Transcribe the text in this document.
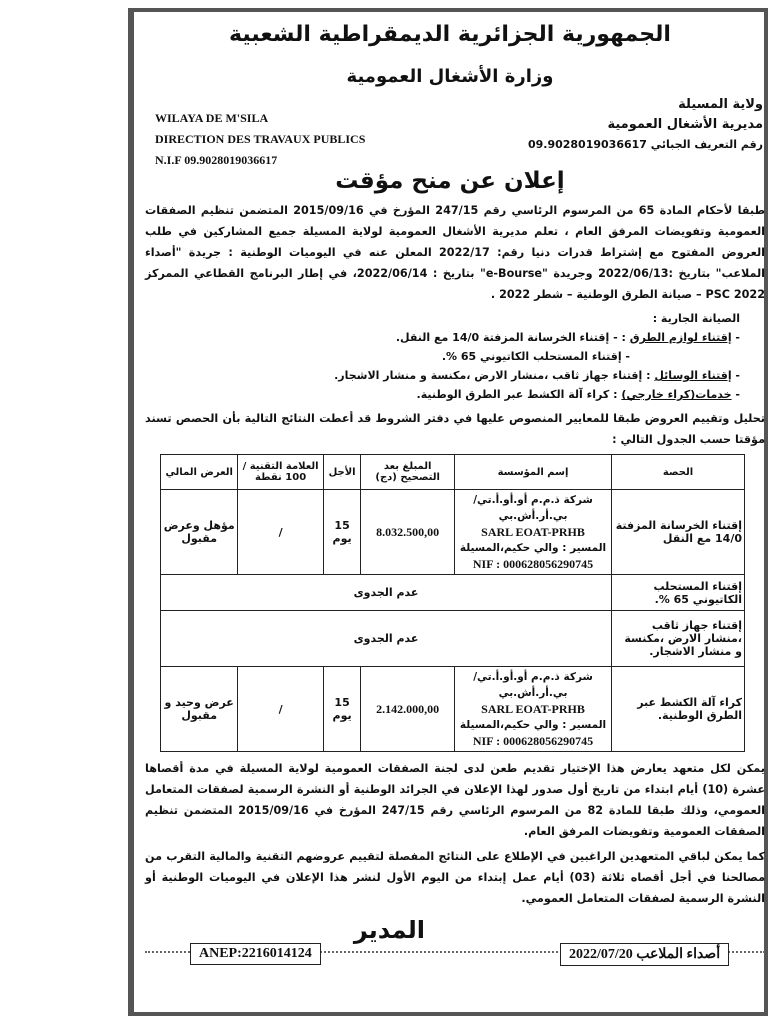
الجمهورية الجزائرية الديمقراطية الشعبية
وزارة الأشغال العمومية
WILAYA DE M'SILA
DIRECTION DES TRAVAUX PUBLICS
N.I.F 09.9028019036617
ولاية المسيلة
مديرية الأشغال العمومية
رقم التعريف الجبائي 09.9028019036617
إعلان عن منح مؤقت
طبقا لأحكام المادة 65 من المرسوم الرئاسي رقم 247/15 المؤرخ في 2015/09/16 المتضمن تنظيم الصفقات العمومية وتفويضات المرفق العام ، تعلم مديرية الأشغال العمومية لولاية المسيلة جميع المشاركين في طلب العروض المفتوح مع إشتراط قدرات دنيا رقم: 2022/17 المعلن عنه في اليوميات الوطنية : جريدة "أصداء الملاعب" بتاريخ :2022/06/13 وجريدة "e-Bourse" بتاريخ : 2022/06/14، في إطار البرنامج القطاعي الممركز PSC 2022 – صيانة الطرق الوطنية – شطر 2022 .
الصيانة الجارية :
- إقتناء لوازم الطرق : - إقتناء الخرسانة المزفتة 14/0 مع النقل.
- إقتناء المستحلب الكاتيوني 65 %.
- إقتناء الوسائل : إقتناء جهاز ثاقب ،منشار الارض ،مكنسة و منشار الاشجار.
- خدمات(كراء خارجي) : كراء آلة الكشط عبر الطرق الوطنية.
تحليل وتقييم العروض طبقا للمعايير المنصوص عليها في دفتر الشروط قد أعطت النتائج التالية بأن الحصص تسند مؤقتا حسب الجدول التالي :
الحصة	إسم المؤسسة	المبلغ بعد التصحيح (دج)	الأجل	العلامة التقنية / 100 نقطة	العرض المالي
إقتناء الخرسانة المزفتة 14/0 مع النقل	شركة ذ.م.م أو.أو.أ.تي/بي.أر.أش.بي
SARL EOAT-PRHB
المسير : والي حكيم،المسيلة
NIF : 000628056290745	8.032.500,00	15 يوم	/	مؤهل وعرض مقبول
إقتناء المستحلب الكاتيوني 65 %.	عدم الجدوى				
إقتناء جهاز ثاقب ،منشار الارض ،مكنسة و منشار الاشجار.	عدم الجدوى				
كراء آلة الكشط عبر الطرق الوطنية.	شركة ذ.م.م أو.أو.أ.تي/بي.أر.أش.بي
SARL EOAT-PRHB
المسير : والي حكيم،المسيلة
NIF : 000628056290745	2.142.000,00	15 يوم	/	عرض وحيد و مقبول
يمكن لكل متعهد يعارض هذا الإختيار تقديم طعن لدى لجنة الصفقات العمومية لولاية المسيلة في مدة أقصاها عشرة (10) أيام ابتداء من تاريخ أول صدور لهذا الإعلان في الجرائد الوطنية أو النشرة الرسمية لصفقات المتعامل العمومي، وذلك طبقا للمادة 82 من المرسوم الرئاسي رقم 247/15 المؤرخ في 2015/09/16 المتضمن تنظيم الصفقات العمومية وتفويضات المرفق العام.
كما يمكن لباقي المتعهدين الراغبين في الإطلاع على النتائج المفصلة لتقييم عروضهم التقنية والمالية التقرب من مصالحنا في أجل أقصاه ثلاثة (03) أيام عمل إبتداء من اليوم الأول لنشر هذا الإعلان في اليوميات الوطنية أو النشرة الرسمية لصفقات المتعامل العمومي.
المدير
ANEP:2216014124	أصداء الملاعب 2022/07/20
